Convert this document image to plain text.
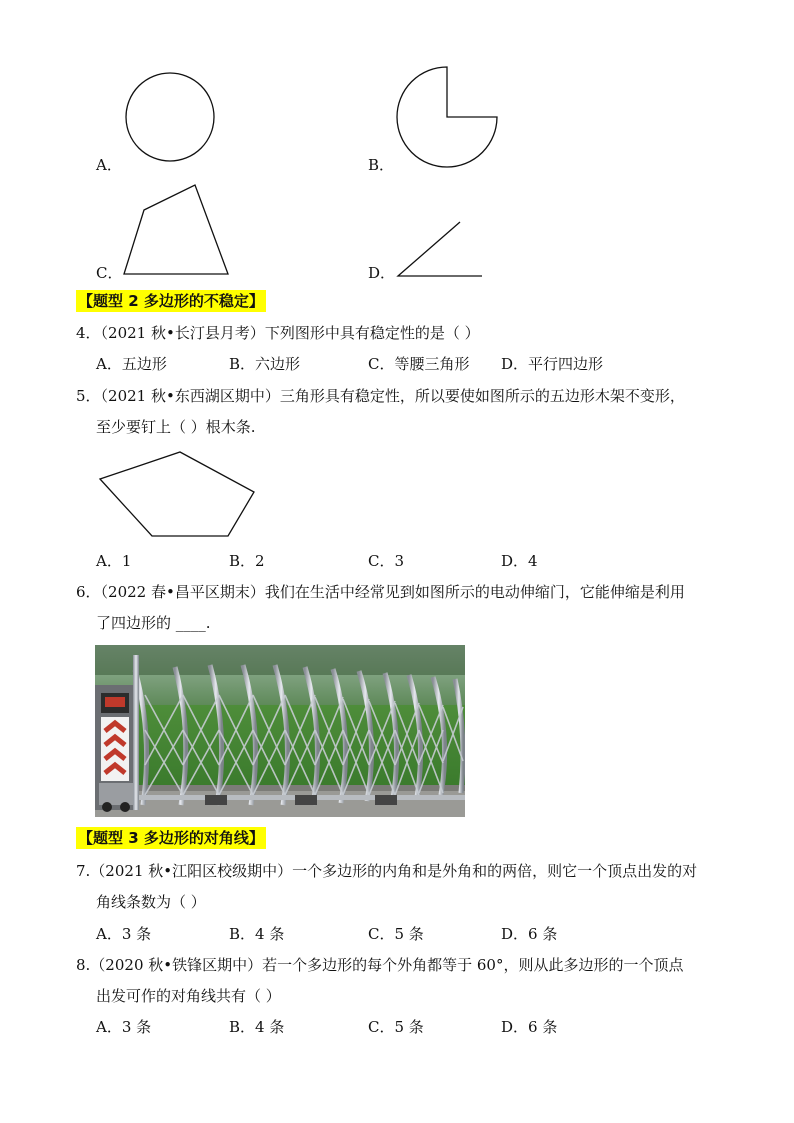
A．	B．
C．	D．
【题型 2 多边形的不稳定】
4．（2021 秋•长汀县月考）下列图形中具有稳定性的是（ ）
A．五边形	B．六边形	C．等腰三角形 D．平行四边形
5．（2021 秋•东西湖区期中）三角形具有稳定性，所以要使如图所示的五边形木架不变形，
至少要钉上（ ）根木条.
A．1	B．2	C．3	D．4
6．（2022 春•昌平区期末）我们在生活中经常见到如图所示的电动伸缩门，它能伸缩是利用
了四边形的 ____.
【题型 3 多边形的对角线】
7.（2021 秋•江阳区校级期中）一个多边形的内角和是外角和的两倍，则它一个顶点出发的对
角线条数为（ ）
A．3 条	B．4 条	C．5 条	D．6 条
8.（2020 秋•铁锋区期中）若一个多边形的每个外角都等于 60°，则从此多边形的一个顶点
出发可作的对角线共有（ ）
A．3 条	B．4 条	C．5 条	D．6 条
